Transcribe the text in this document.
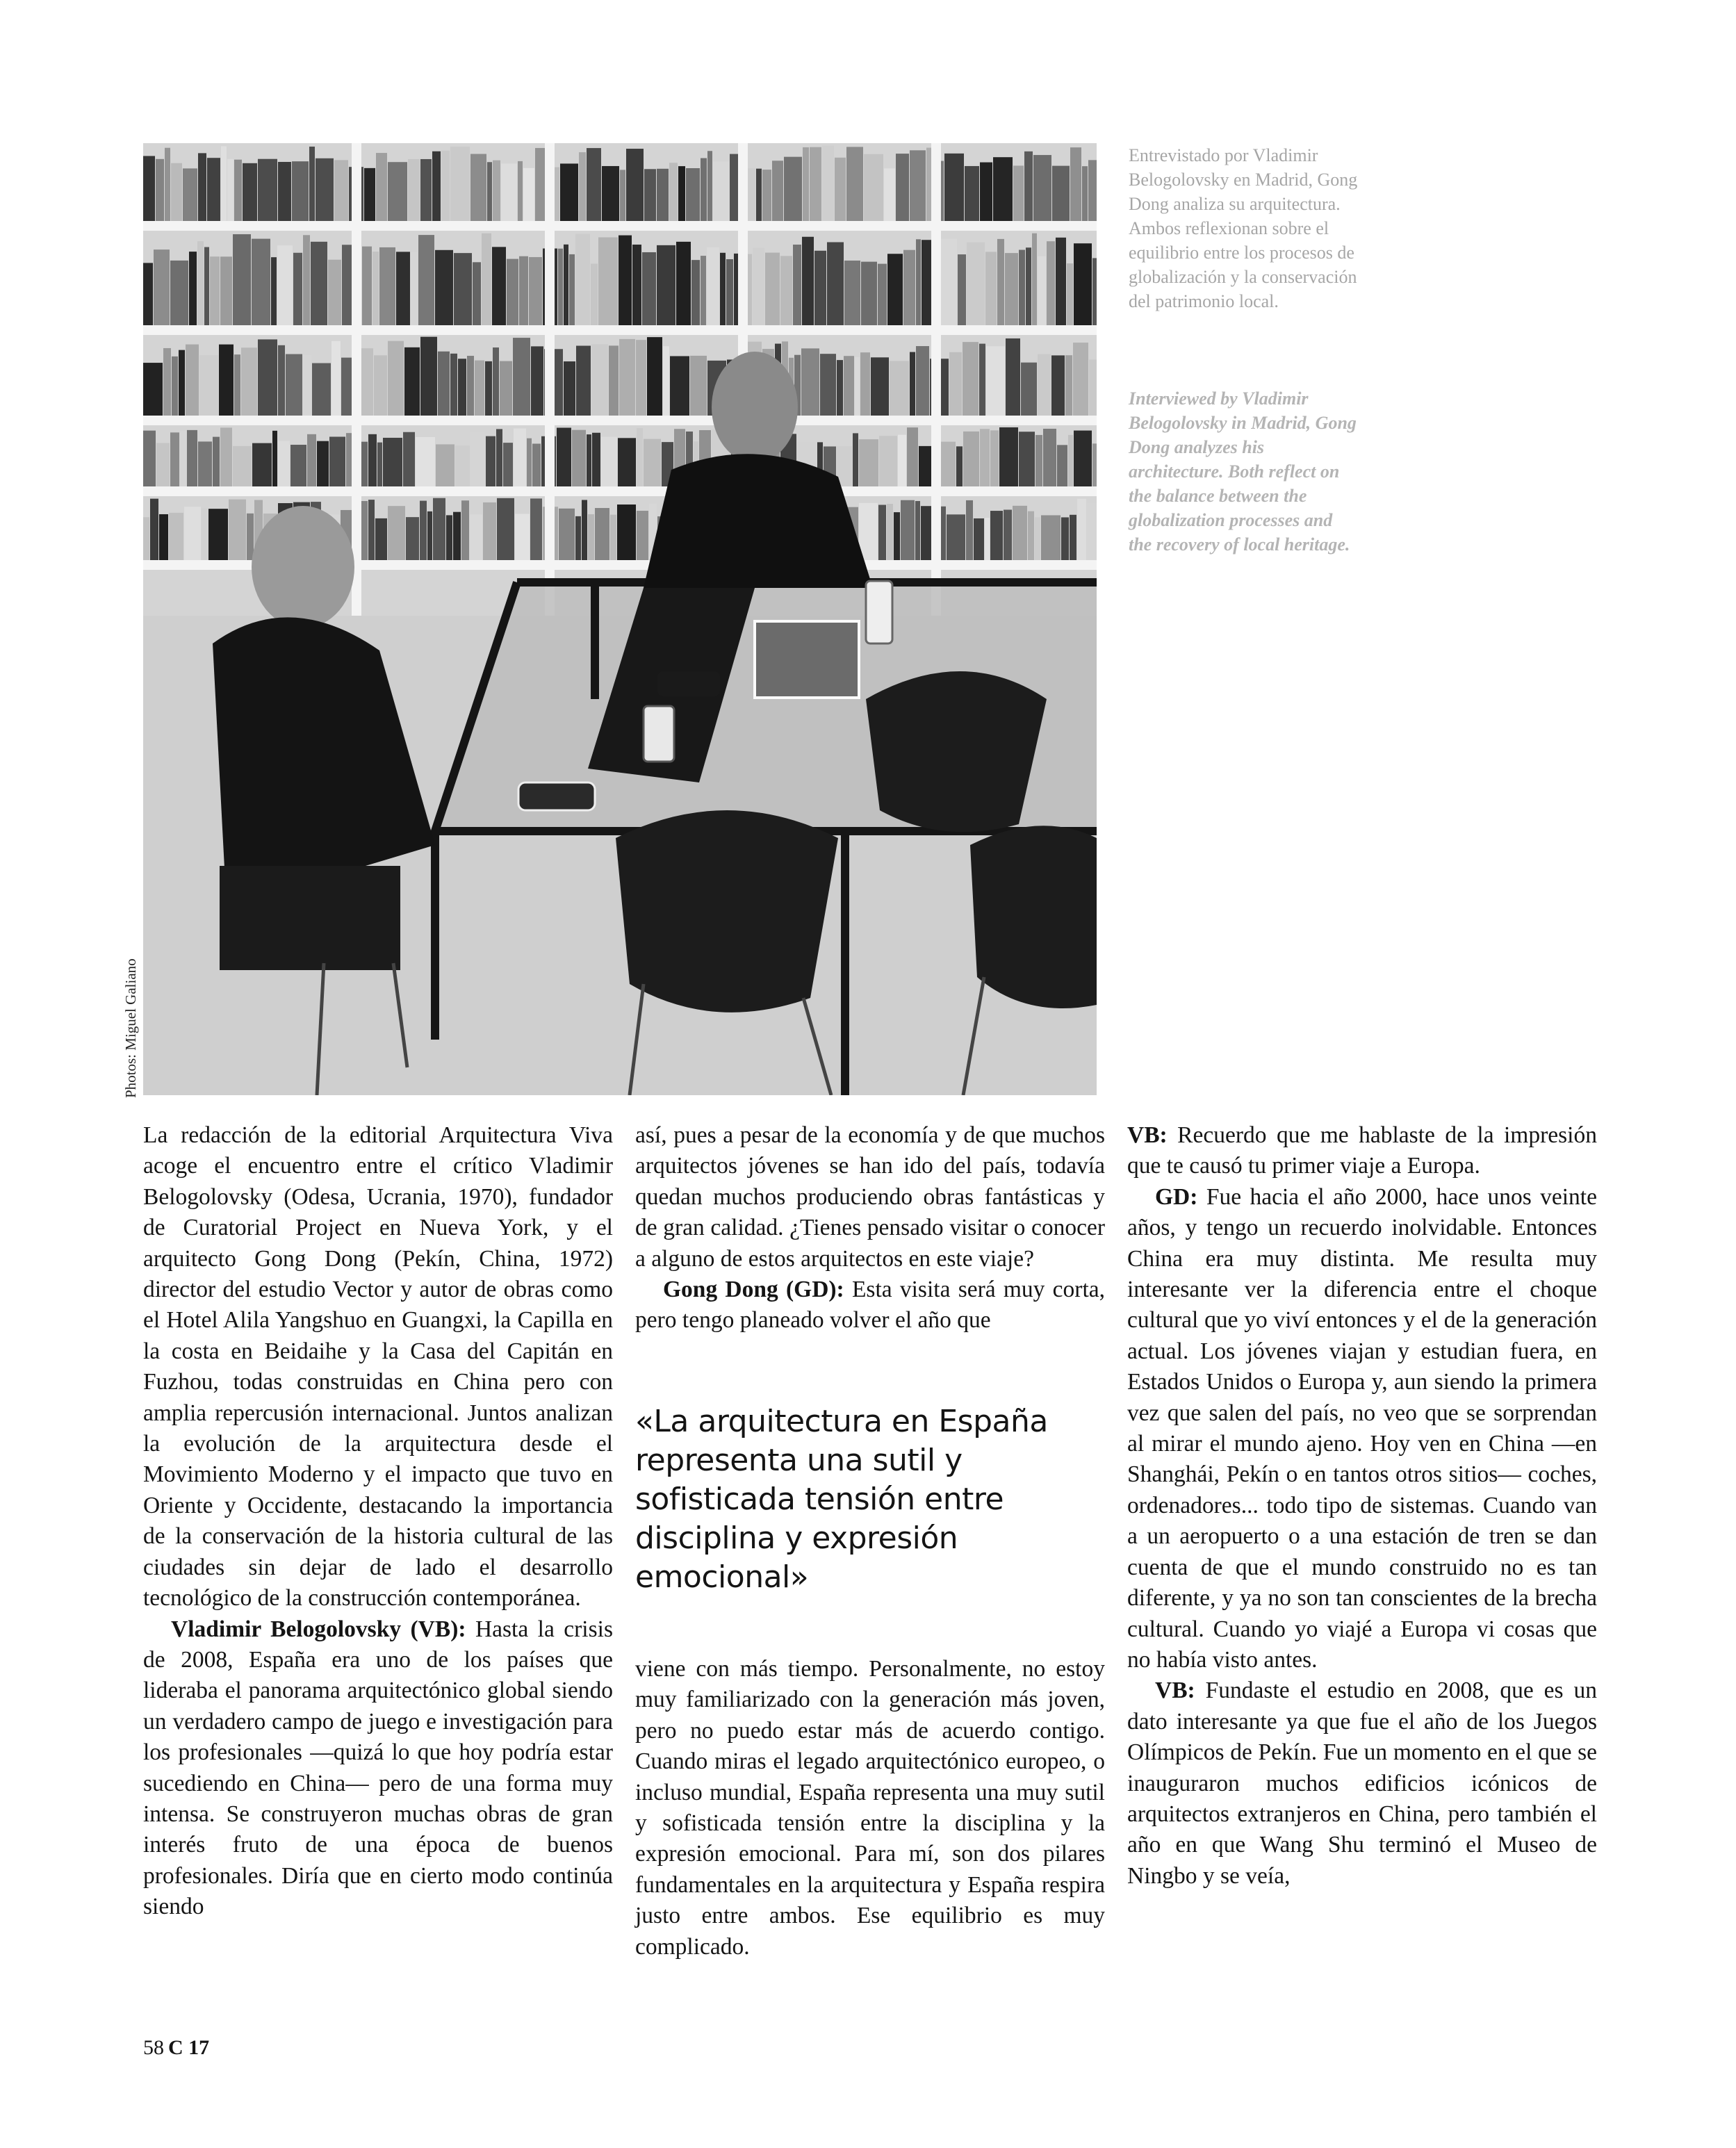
Photos: Miguel Galiano

Entrevistado por Vladimir Belogolovsky en Madrid, Gong Dong analiza su arquitectura. Ambos reflexionan sobre el equilibrio entre los procesos de globalización y la conservación del patrimonio local.

Interviewed by Vladimir Belogolovsky in Madrid, Gong Dong analyzes his architecture. Both reflect on the balance between the globalization processes and the recovery of local heritage.

La redacción de la editorial Arquitectura Viva acoge el encuentro entre el crítico Vladimir Belogolovsky (Odesa, Ucrania, 1970), fundador de Curatorial Project en Nueva York, y el arquitecto Gong Dong (Pekín, China, 1972) director del estudio Vector y autor de obras como el Hotel Alila Yangshuo en Guangxi, la Capilla en la costa en Beidaihe y la Casa del Capitán en Fuzhou, todas construidas en China pero con amplia repercusión internacional. Juntos analizan la evolución de la arquitectura desde el Movimiento Moderno y el impacto que tuvo en Oriente y Occidente, destacando la importancia de la conservación de la historia cultural de las ciudades sin dejar de lado el desarrollo tecnológico de la construcción contemporánea.

Vladimir Belogolovsky (VB): Hasta la crisis de 2008, España era uno de los países que lideraba el panorama arquitectónico global siendo un verdadero campo de juego e investigación para los profesionales —quizá lo que hoy podría estar sucediendo en China— pero de una forma muy intensa. Se construyeron muchas obras de gran interés fruto de una época de buenos profesionales. Diría que en cierto modo continúa siendo

así, pues a pesar de la economía y de que muchos arquitectos jóvenes se han ido del país, todavía quedan muchos produciendo obras fantásticas y de gran calidad. ¿Tienes pensado visitar o conocer a alguno de estos arquitectos en este viaje?

Gong Dong (GD): Esta visita será muy corta, pero tengo planeado volver el año que

«La arquitectura en España representa una sutil y sofisticada tensión entre disciplina y expresión emocional»

viene con más tiempo. Personalmente, no estoy muy familiarizado con la generación más joven, pero no puedo estar más de acuerdo contigo. Cuando miras el legado arquitectónico europeo, o incluso mundial, España representa una muy sutil y sofisticada tensión entre la disciplina y la expresión emocional. Para mí, son dos pilares fundamentales en la arquitectura y España respira justo entre ambos. Ese equilibrio es muy complicado.

VB: Recuerdo que me hablaste de la impresión que te causó tu primer viaje a Europa.

GD: Fue hacia el año 2000, hace unos veinte años, y tengo un recuerdo inolvidable. Entonces China era muy distinta. Me resulta muy interesante ver la diferencia entre el choque cultural que yo viví entonces y el de la generación actual. Los jóvenes viajan y estudian fuera, en Estados Unidos o Europa y, aun siendo la primera vez que salen del país, no veo que se sorprendan al mirar el mundo ajeno. Hoy ven en China —en Shanghái, Pekín o en tantos otros sitios— coches, ordenadores... todo tipo de sistemas. Cuando van a un aeropuerto o a una estación de tren se dan cuenta de que el mundo construido no es tan diferente, y ya no son tan conscientes de la brecha cultural. Cuando yo viajé a Europa vi cosas que no había visto antes.

VB: Fundaste el estudio en 2008, que es un dato interesante ya que fue el año de los Juegos Olímpicos de Pekín. Fue un momento en el que se inauguraron muchos edificios icónicos de arquitectos extranjeros en China, pero también el año en que Wang Shu terminó el Museo de Ningbo y se veía,

58 C 17
